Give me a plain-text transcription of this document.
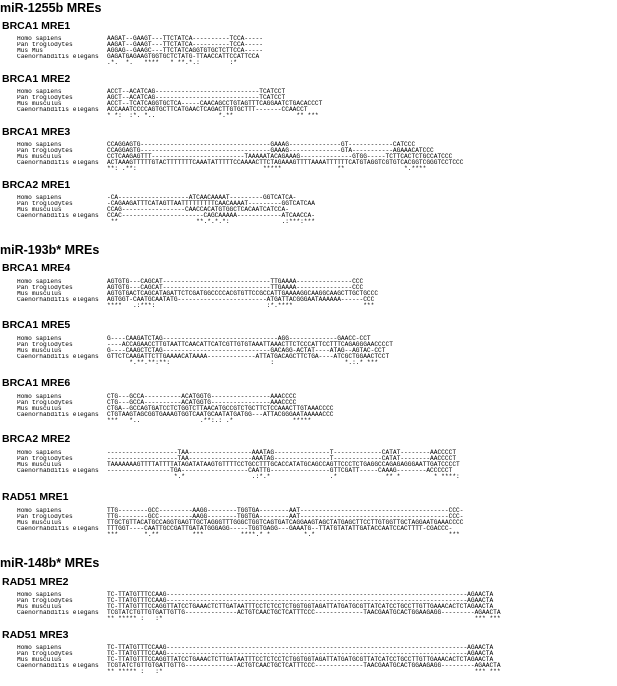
miR-1255b MREs
miR-193b* MREs
miR-148b* MREs
BRCA1 MRE1
BRCA1 MRE2
BRCA1 MRE3
BRCA2 MRE1
BRCA1 MRE4
BRCA1 MRE5
BRCA1 MRE6
BRCA2 MRE2
RAD51 MRE1
RAD51 MRE2
RAD51 MRE3
Homo sapiens	AAGAT--GAAGT---TTCTATCA----------TCCA-----
Pan troglodytes	AAGAT--GAAGT---TTCTATCA----------TCCA-----
Mus Mus	AGGAG--GAAGC---TTCTATCAGGTGTGCTCTTCCA-----
Caenorhabditis elegans	GAGATGAGAAGTGGTGCTCTATG-TTAACCATTCCATTCCA
.*.  *.   ****   * **.*.:        :*
Homo sapiens	ACCT--ACATCAG----------------------------TCATCCT
Pan troglodytes	AGCT--ACATCAG----------------------------TCATCCT
Mus musculus	ACCT--TCATCAGGTGCTCA-----CAACAGCCTGTAGTTTCAGGAATCTGACACCCT
Caenorhabditis elegans	ACCAAATCCCCAGTGCTTCATGAACTCAGACTTGTGCTTT-------CCAACCT
* *:  :*. *..                 *.**                 ** ***
Homo sapiens	CCAGGAGTG-----------------------------------GAAAG--------------GT------------CATCCC
Pan troglodytes	CCAGGAGTG-----------------------------------GAAAG--------------GTA-----------AGAAACATCCC
Mus musculus	CCTCAAGAGTTT-------------------------TAAAAATACAGAAAG--------------GTGG-----TCTTCACTCTGCCATCCC
Caenorhabditis elegans	ACTAAAGTTTTTGTACTTTTTTTCAAATATTTTTCCAAAACTTCTAGAAAGTTTTAAAATTTTTTCATGTAGGTCGTGTCACGGTCGGGTCCTCCC
**: .**:                                  *****               **                *.****
Homo sapiens	-CA-------------------ATCAACAAAAT---------GGTCATCA-
Pan troglodytes	-CAGAAGATTTCATAGTTAATTTTTTTTTCAACAAAAT---------GGTCATCAA
Mus musculus	CCAG-----------------CAACCACATGTGGCTCACAATCATCCA-
Caenorhabditis elegans	CCAC----------------------CAGCAAAAA------------ATCAACCA-
**                     **.*.*.*:              .:***:***
Homo sapiens	AGTGTG---CAGCAT-----------------------------TTGAAAA---------------CCC
Pan troglodytes	AGTGTG---CAGCAT-----------------------------TTGAAAA---------------CCC
Mus musculus	AGTGTGACTCAGCATAGATTCTCGATGGCCCCACGTGTTCCGCCATTGAAAAGGCAAGGCAAGCTTGCTGCCC
Caenorhabditis elegans	AGTGGT-CAATGCAATATG------------------------ATGATTACGGGAATAAAAAA------CCC
****   .:***:                              :*.****                   ***
Homo sapiens	G----CAAGATCTAG-------------------------------AGG-------------GAACC-CCT
Pan troglodytes	----ACCAGAACCTTGTAATTCAACATTCATCGTTGTGTAAATTAAACTTCTCCCATTCCTTTCAGAGGGAACCCCT
Mus musculus	G----CAAGCTCTAG-----------------------------GACAGG-ACTAT----ATAG--AGTAC-CCT
Caenorhabditis elegans	GTTCTCAAGATTCTTGAAAACATAAAA-------------ATTATGACAGCTTCTGA----ATCGCTGGAACTCCT
*.**.**:**:                           :                   *.:.* ***
Homo sapiens	CTG---GCCA----------ACATGGTG----------------AAACCCC
Pan troglodytes	CTG---GCCA----------ACATGGTG----------------AAACCCC
Mus musculus	CTGA--GCCAGTGATCCTCTGGTCTTAACATGCCGTCTGCTTCTCCAAACTTGTAAACCCC
Caenorhabditis elegans	CTGTAAGTAGCGGTGAAAGTGGTCAATGCAATATGATGG---ATTACGGGAATAAAAACCC
***   *..                .**:.: .*                *****
Homo sapiens	-------------------TAA-----------------AAATAG---------------T-------------CATAT--------AACCCCT
Pan troglodytes	-------------------TAA-----------------AAATAG---------------T-------------CATAT--------AACCCCT
Mus musculus	TAAAAAAAGTTTTATTTTATAGATATAAGTGTTTTCCTGCCTTTGCACCATATGCAGCCAGTTCCCTCTGAGGCCAGAGAGGGAATTGATCCCCT
Caenorhabditis elegans	-----------------TGA------------------CAATTG----------------GTTCGATT-----CAAAG--------ACCCCCT
*.*                  .:*.*                .*             ** *         * ****:
Homo sapiens	TTG--------GCC---------AAGG--------TGGTGA--------AAT----------------------------------------CCC-
Pan troglodytes	TTG--------GCC---------AAGG--------TGGTGA--------AAT----------------------------------------CCC-
Mus musculus	TTGCTGTTACATGCCAGGTGAGTTGCTAGGGTTTGGGCTGGTCAGTGATCAGGAAGTAGCTATGAGCTTCCTTGTGGTTGCTAGGAATGAAACCCC
Caenorhabditis elegans	TTTGGT----CAATTGCCGATTGATATGGGAGG-----TGGTGAGG---GAAATG--TTATGTATATTGATACCAATCCACTTTT-CGACCC-
***       *.**         ***          ****.* *         *.*                                    ***
Homo sapiens	TC-TTATGTTTCCAAG---------------------------------------------------------------------------------AGAACTA
Pan troglodytes	TC-TTATGTTTCCAAG---------------------------------------------------------------------------------AGAACTA
Mus musculus	TC-TTATGTTTCCAGGTTATCCTGAAACTCTTGATAATTTCCTCTCCTCTGGTGGTAGATTATGATGCGTTATCATCCTGCCTTGTTGAAACACTCTAGAACTA
Caenorhabditis elegans	TCGTATCTGTTGTGATTGTTG--------------ACTGTCAACTGCTCATTTCCC-------------TAACGAATGCACTGGAAGAGG---------AGAACTA
** ***** :   :*                                                                                    *** ***
Homo sapiens	TC-TTATGTTTCCAAG---------------------------------------------------------------------------------AGAACTA
Pan troglodytes	TC-TTATGTTTCCAAG---------------------------------------------------------------------------------AGAACTA
Mus musculus	TC-TTATGTTTCCAGGTTATCCTGAAACTCTTGATAATTTCCTCTCCTCTGGTGGTAGATTATGATGCGTTATCATCCTGCCTTGTTGAAACACTCTAGAACTA
Caenorhabditis elegans	TCGTATCTGTTGTGATTGTTG--------------ACTGTCAACTGCTCATTTCCC-------------TAACGAATGCACTGGAAGAGG---------AGAACTA
** ***** :   :*                                                                                    *** ***
